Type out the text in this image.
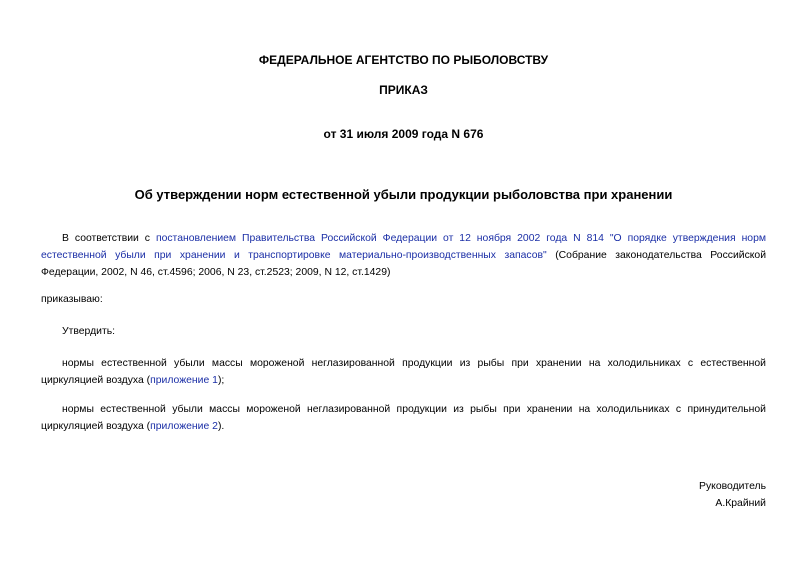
ФЕДЕРАЛЬНОЕ АГЕНТСТВО ПО РЫБОЛОВСТВУ
ПРИКАЗ
от 31 июля 2009 года N 676
Об утверждении норм естественной убыли продукции рыболовства при хранении
В соответствии с постановлением Правительства Российской Федерации от 12 ноября 2002 года N 814 "О порядке утверждения норм естественной убыли при хранении и транспортировке материально-производственных запасов" (Собрание законодательства Российской Федерации, 2002, N 46, ст.4596; 2006, N 23, ст.2523; 2009, N 12, ст.1429)
приказываю:
Утвердить:
нормы естественной убыли массы мороженой неглазированной продукции из рыбы при хранении на холодильниках с естественной циркуляцией воздуха (приложение 1);
нормы естественной убыли массы мороженой неглазированной продукции из рыбы при хранении на холодильниках с принудительной циркуляцией воздуха (приложение 2).
Руководитель
А.Крайний
